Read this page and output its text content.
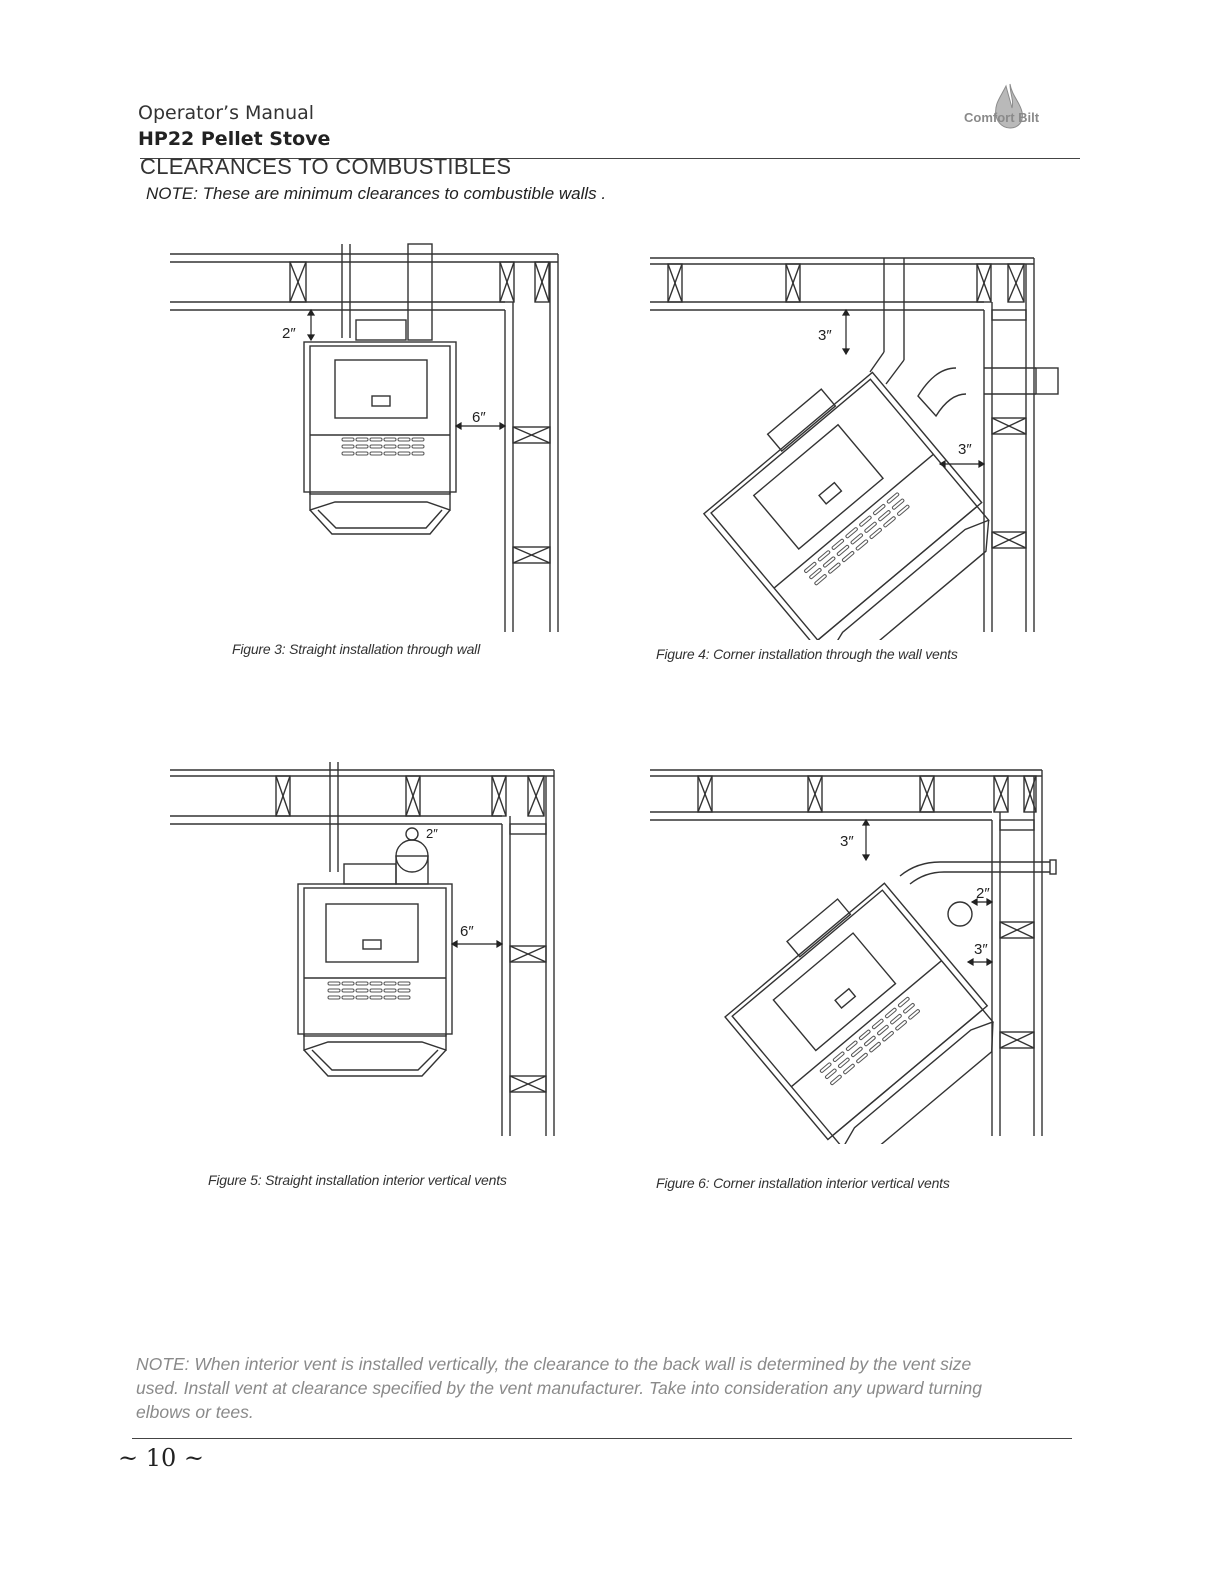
Comfort Bilt
Operator’s Manual
HP22 Pellet Stove
CLEARANCES TO COMBUSTIBLES
NOTE: These are minimum clearances to combustible walls .
2″
6″
Figure 3: Straight installation through wall
3″
3″
Figure 4: Corner installation through the wall vents
2″
6″
Figure 5: Straight installation interior vertical vents
3″
2″
3″
Figure 6: Corner installation interior vertical vents
NOTE: When interior vent is installed vertically, the clearance to the back wall is determined by the vent size used. Install vent at clearance specified by the vent manufacturer. Take into consideration any upward turning elbows or tees.
~ 10 ~
